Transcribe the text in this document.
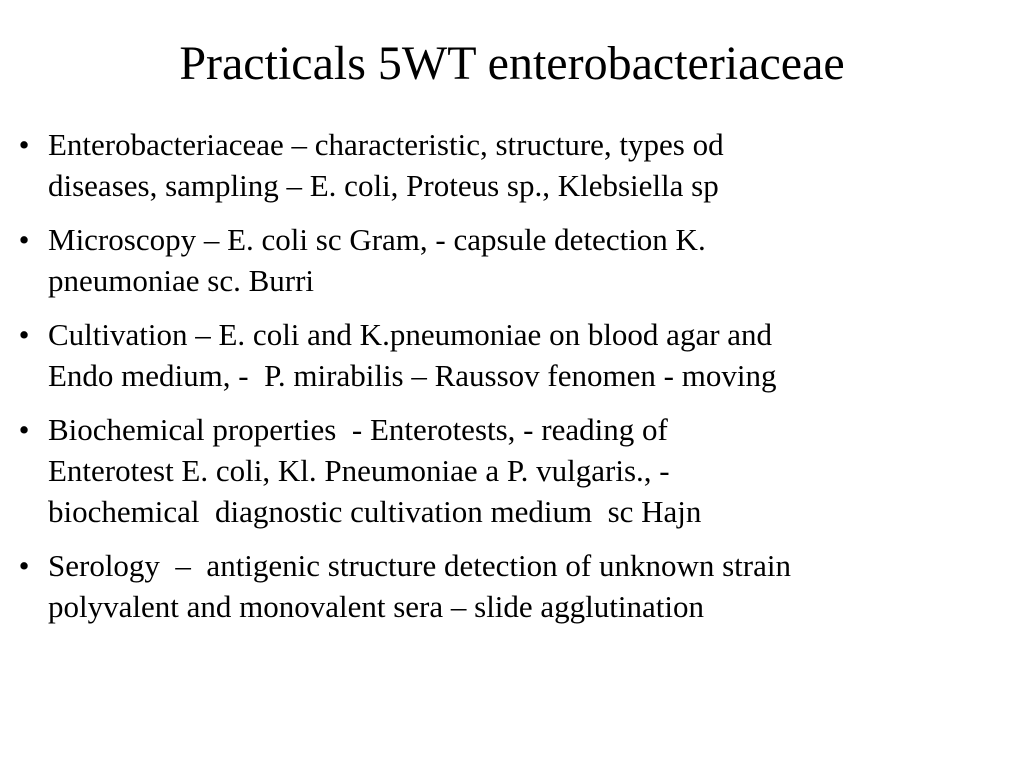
Practicals 5WT enterobacteriaceae
• Enterobacteriaceae – characteristic, structure, types od
diseases, sampling – E. coli, Proteus sp., Klebsiella sp
• Microscopy – E. coli sc Gram, - capsule detection K.
pneumoniae sc. Burri
• Cultivation – E. coli and K.pneumoniae on blood agar and
Endo medium, -  P. mirabilis – Raussov fenomen - moving
• Biochemical properties  - Enterotests, - reading of
Enterotest E. coli, Kl. Pneumoniae a P. vulgaris., -
biochemical  diagnostic cultivation medium  sc Hajn
• Serology  –  antigenic structure detection of unknown strain
polyvalent and monovalent sera – slide agglutination
